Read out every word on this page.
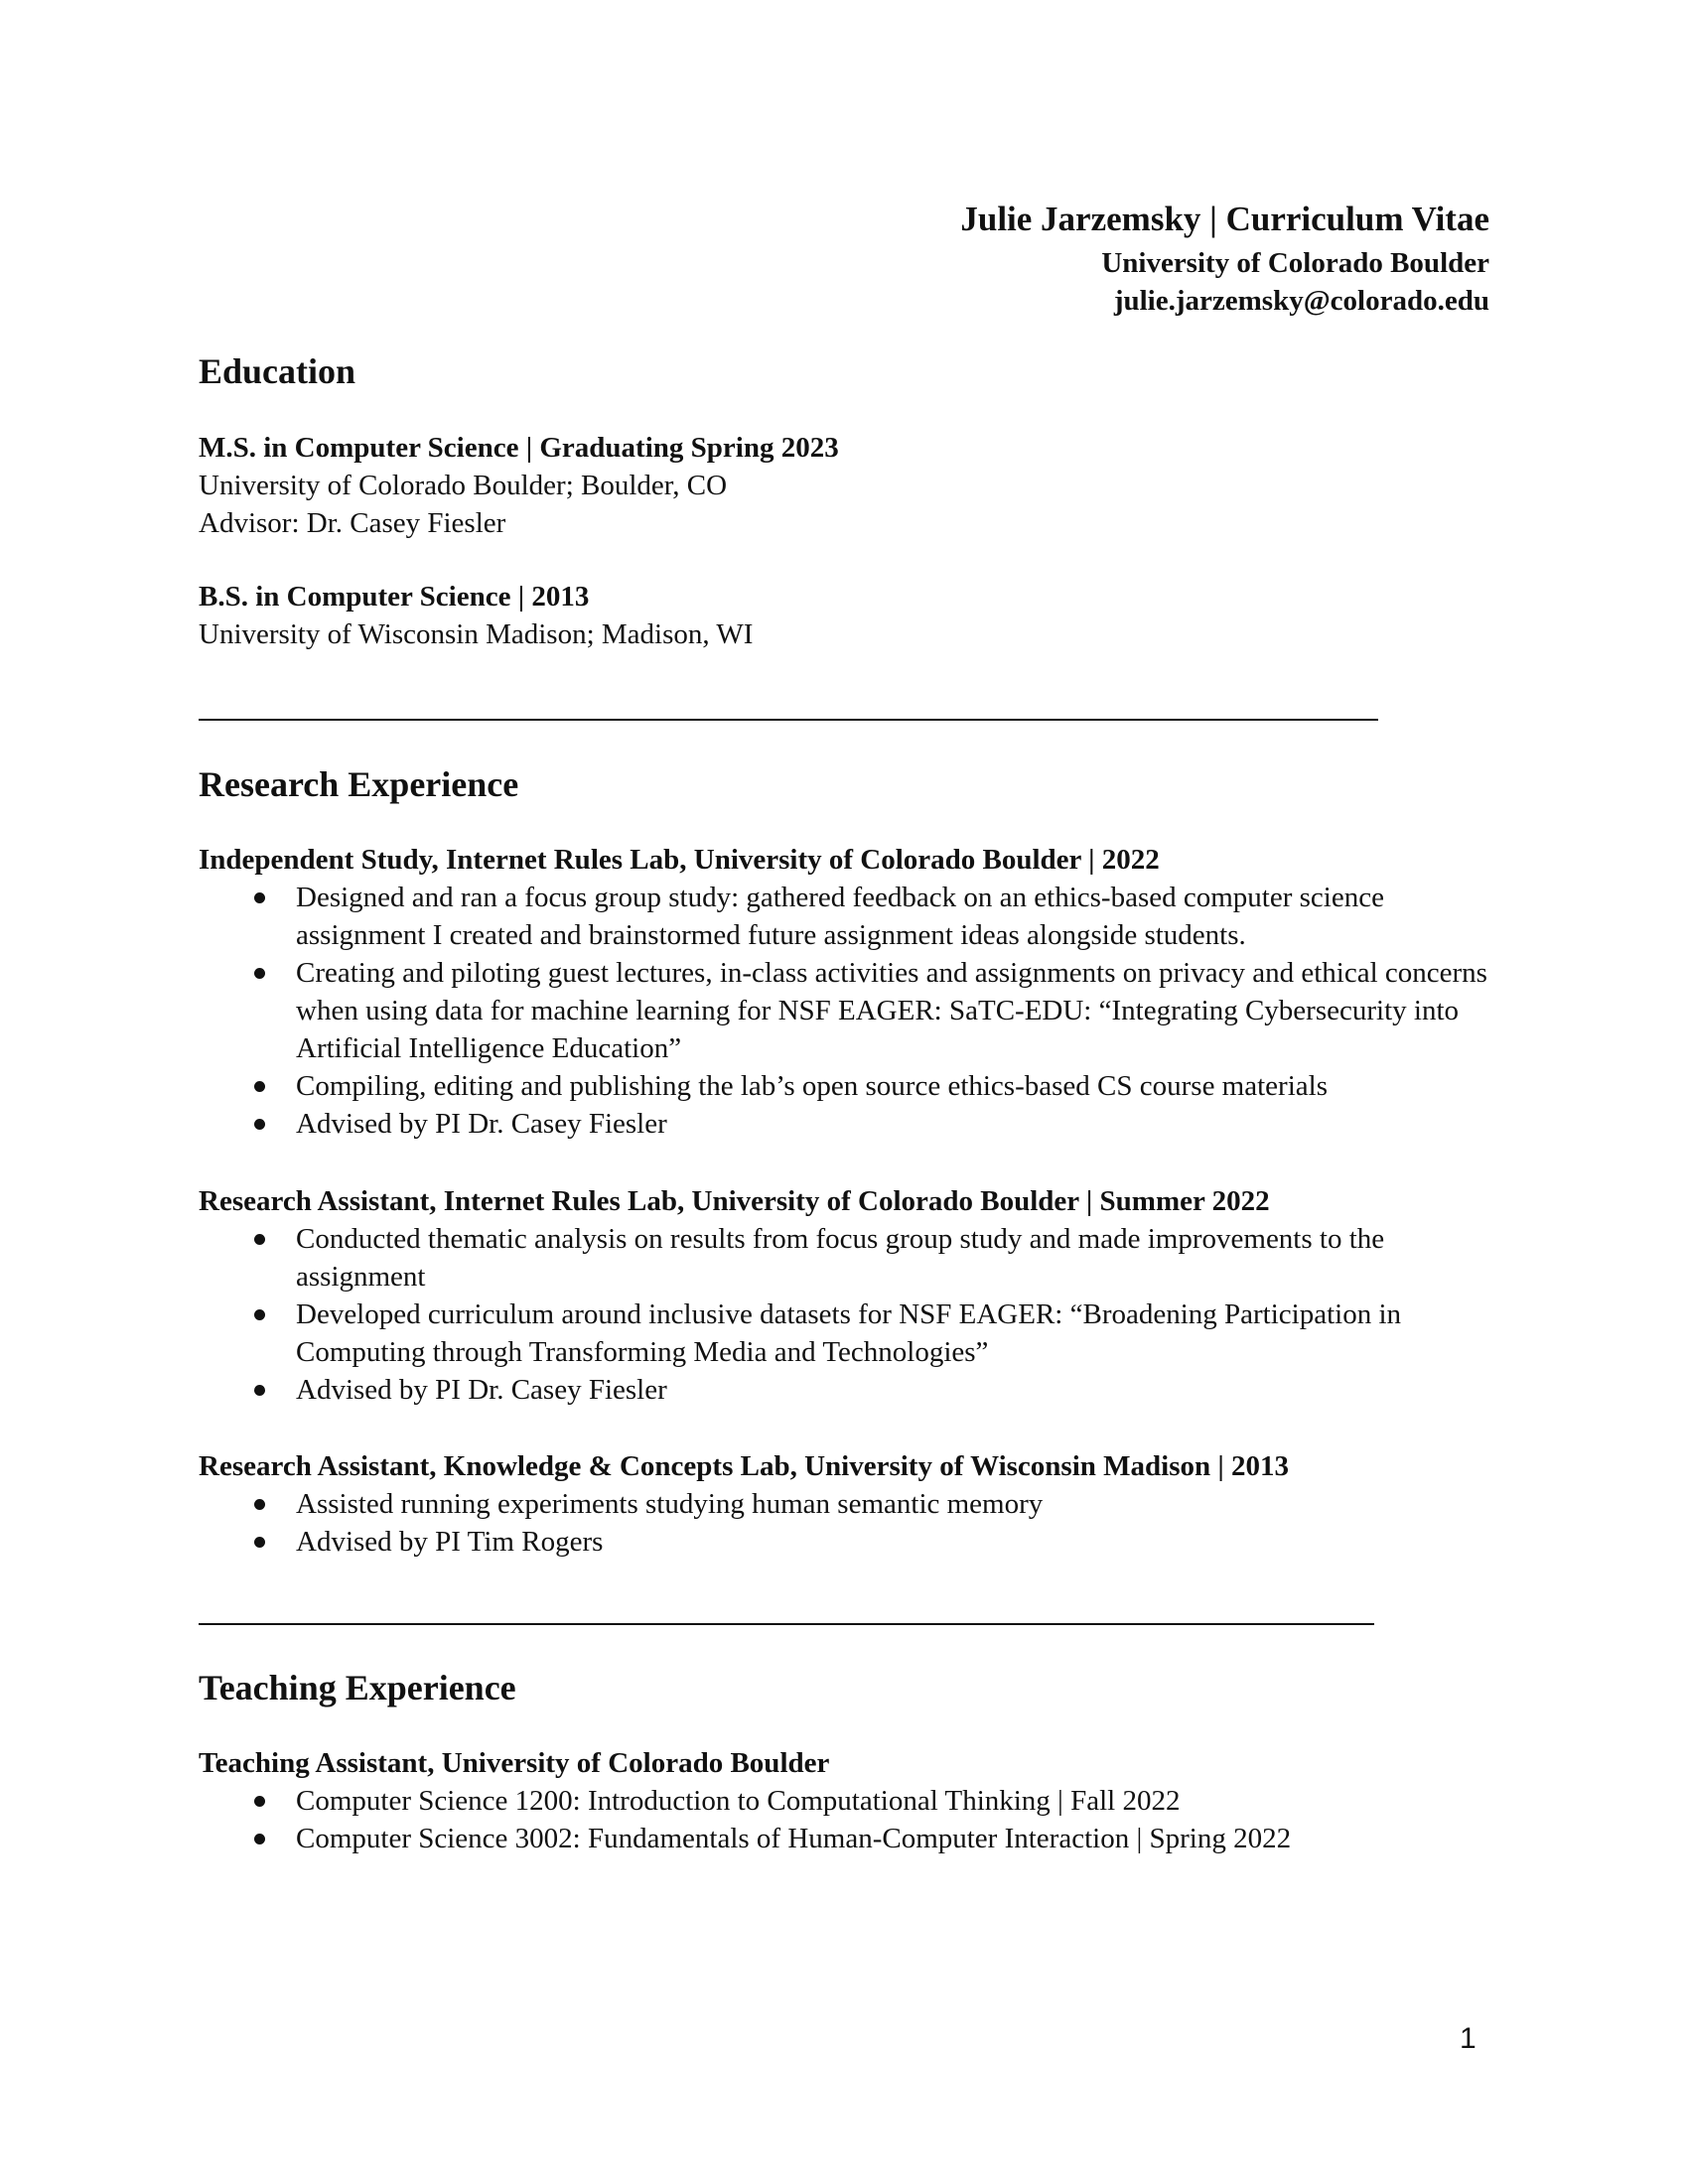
Julie Jarzemsky | Curriculum Vitae
University of Colorado Boulder
julie.jarzemsky@colorado.edu
Education
M.S. in Computer Science | Graduating Spring 2023
University of Colorado Boulder; Boulder, CO
Advisor: Dr. Casey Fiesler
B.S. in Computer Science | 2013
University of Wisconsin Madison; Madison, WI
Research Experience
Independent Study, Internet Rules Lab, University of Colorado Boulder | 2022
Designed and ran a focus group study: gathered feedback on an ethics-based computer science assignment I created and brainstormed future assignment ideas alongside students.
Creating and piloting guest lectures, in-class activities and assignments on privacy and ethical concerns when using data for machine learning for NSF EAGER: SaTC-EDU: “Integrating Cybersecurity into Artificial Intelligence Education”
Compiling, editing and publishing the lab’s open source ethics-based CS course materials
Advised by PI Dr. Casey Fiesler
Research Assistant, Internet Rules Lab, University of Colorado Boulder | Summer 2022
Conducted thematic analysis on results from focus group study and made improvements to the assignment
Developed curriculum around inclusive datasets for NSF EAGER: “Broadening Participation in Computing through Transforming Media and Technologies”
Advised by PI Dr. Casey Fiesler
Research Assistant, Knowledge & Concepts Lab, University of Wisconsin Madison | 2013
Assisted running experiments studying human semantic memory
Advised by PI Tim Rogers
Teaching Experience
Teaching Assistant, University of Colorado Boulder
Computer Science 1200: Introduction to Computational Thinking | Fall 2022
Computer Science 3002: Fundamentals of Human-Computer Interaction | Spring 2022
1
